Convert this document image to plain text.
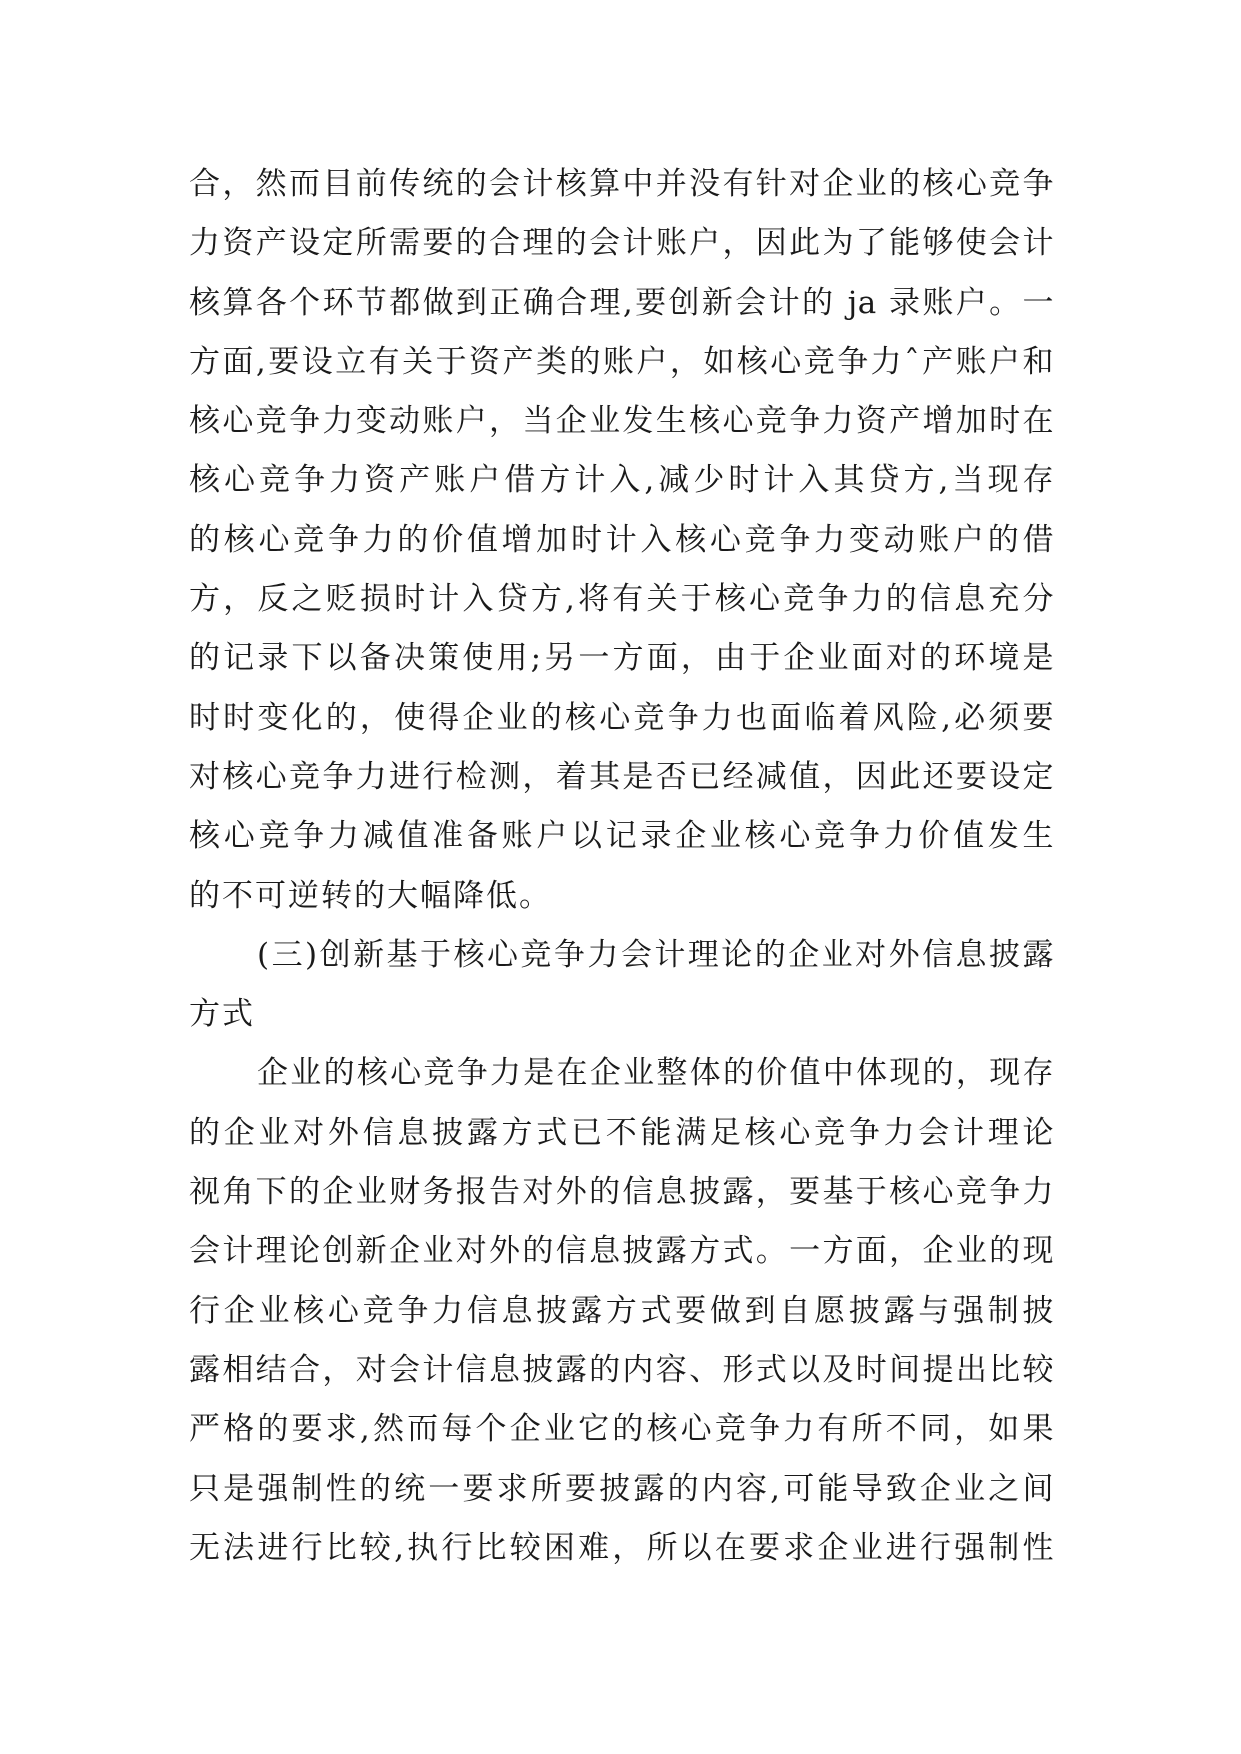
合，然而目前传统的会计核算中并没有针对企业的核心竞争
力资产设定所需要的合理的会计账户，因此为了能够使会计
核算各个环节都做到正确合理,要创新会计的 ja 录账户。一
方面,要设立有关于资产类的账户，如核心竞争力ˆ产账户和
核心竞争力变动账户，当企业发生核心竞争力资产增加时在
核心竞争力资产账户借方计入,减少时计入其贷方,当现存
的核心竞争力的价值增加时计入核心竞争力变动账户的借
方，反之贬损时计入贷方,将有关于核心竞争力的信息充分
的记录下以备决策使用;另一方面，由于企业面对的环境是
时时变化的，使得企业的核心竞争力也面临着风险,必须要
对核心竞争力进行检测，着其是否已经减值，因此还要设定
核心竞争力减值准备账户以记录企业核心竞争力价值发生
的不可逆转的大幅降低。
(三)创新基于核心竞争力会计理论的企业对外信息披露
方式
企业的核心竞争力是在企业整体的价值中体现的，现存
的企业对外信息披露方式已不能满足核心竞争力会计理论
视角下的企业财务报告对外的信息披露，要基于核心竞争力
会计理论创新企业对外的信息披露方式。一方面，企业的现
行企业核心竞争力信息披露方式要做到自愿披露与强制披
露相结合，对会计信息披露的内容、形式以及时间提出比较
严格的要求,然而每个企业它的核心竞争力有所不同，如果
只是强制性的统一要求所要披露的内容,可能导致企业之间
无法进行比较,执行比较困难，所以在要求企业进行强制性
